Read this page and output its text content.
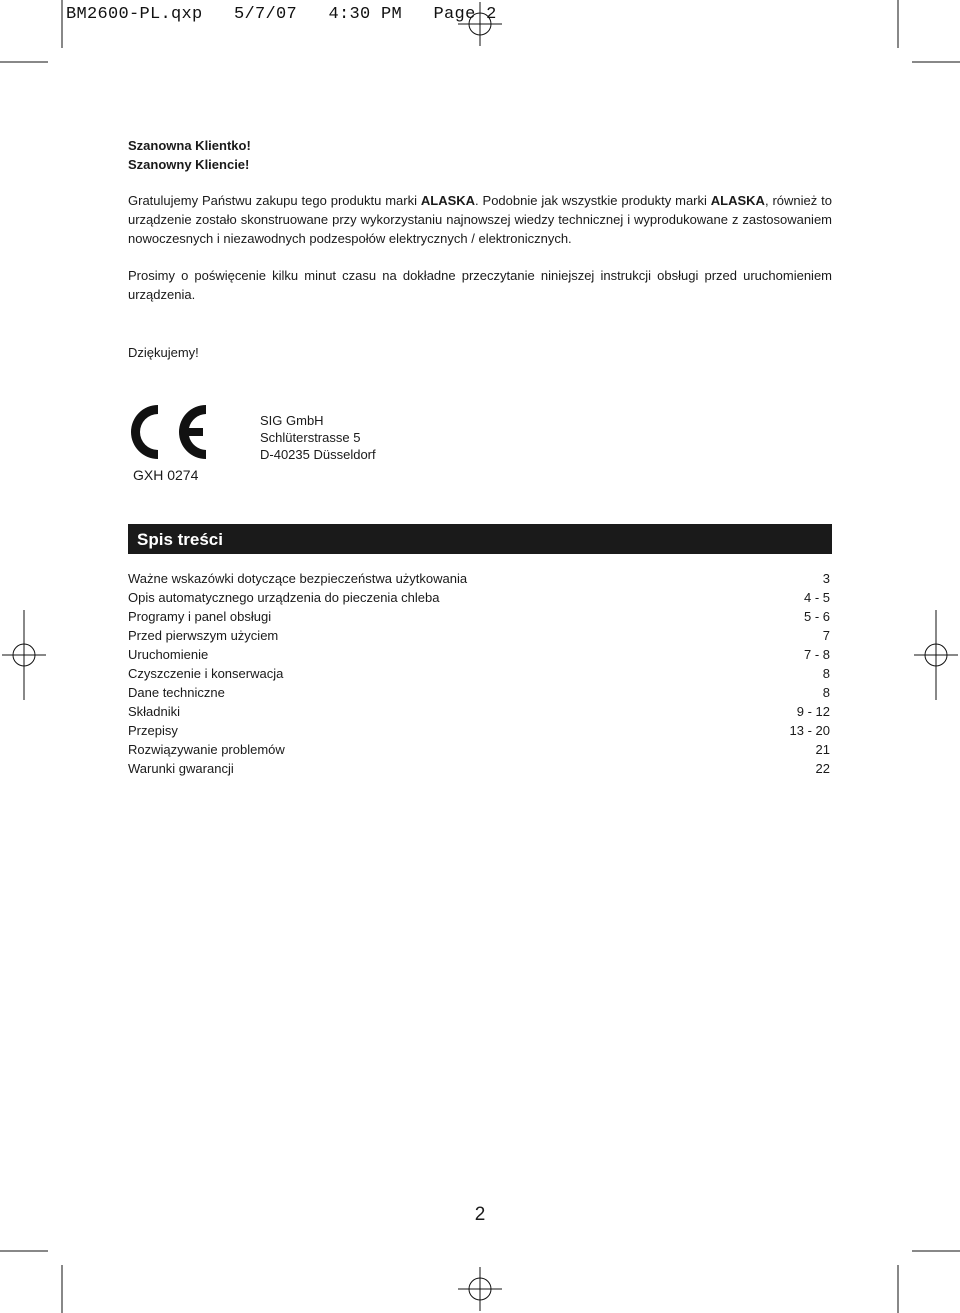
BM2600-PL.qxp   5/7/07   4:30 PM   Page 2
Szanowna Klientko!
Szanowny Kliencie!
Gratulujemy Państwu zakupu tego produktu marki ALASKA. Podobnie jak wszystkie produkty marki ALASKA, również to urządzenie zostało skonstruowane przy wykorzystaniu najnowszej wiedzy technicznej i wyprodukowane z zastosowaniem nowoczesnych i niezawodnych podzespołów elektrycznych / elektronicznych.
Prosimy o poświęcenie kilku minut czasu na dokładne przeczytanie niniejszej instrukcji obsługi przed uruchomieniem urządzenia.
Dziękujemy!
GXH 0274
SIG GmbH
Schlüterstrasse 5
D-40235 Düsseldorf
Spis treści
Ważne wskazówki dotyczące bezpieczeństwa użytkowania	3
Opis automatycznego urządzenia do pieczenia chleba	4 - 5
Programy i panel obsługi	5 - 6
Przed pierwszym użyciem	7
Uruchomienie	7 - 8
Czyszczenie i konserwacja	8
Dane techniczne	8
Składniki	9 - 12
Przepisy	13 - 20
Rozwiązywanie problemów	21
Warunki gwarancji	22
2
